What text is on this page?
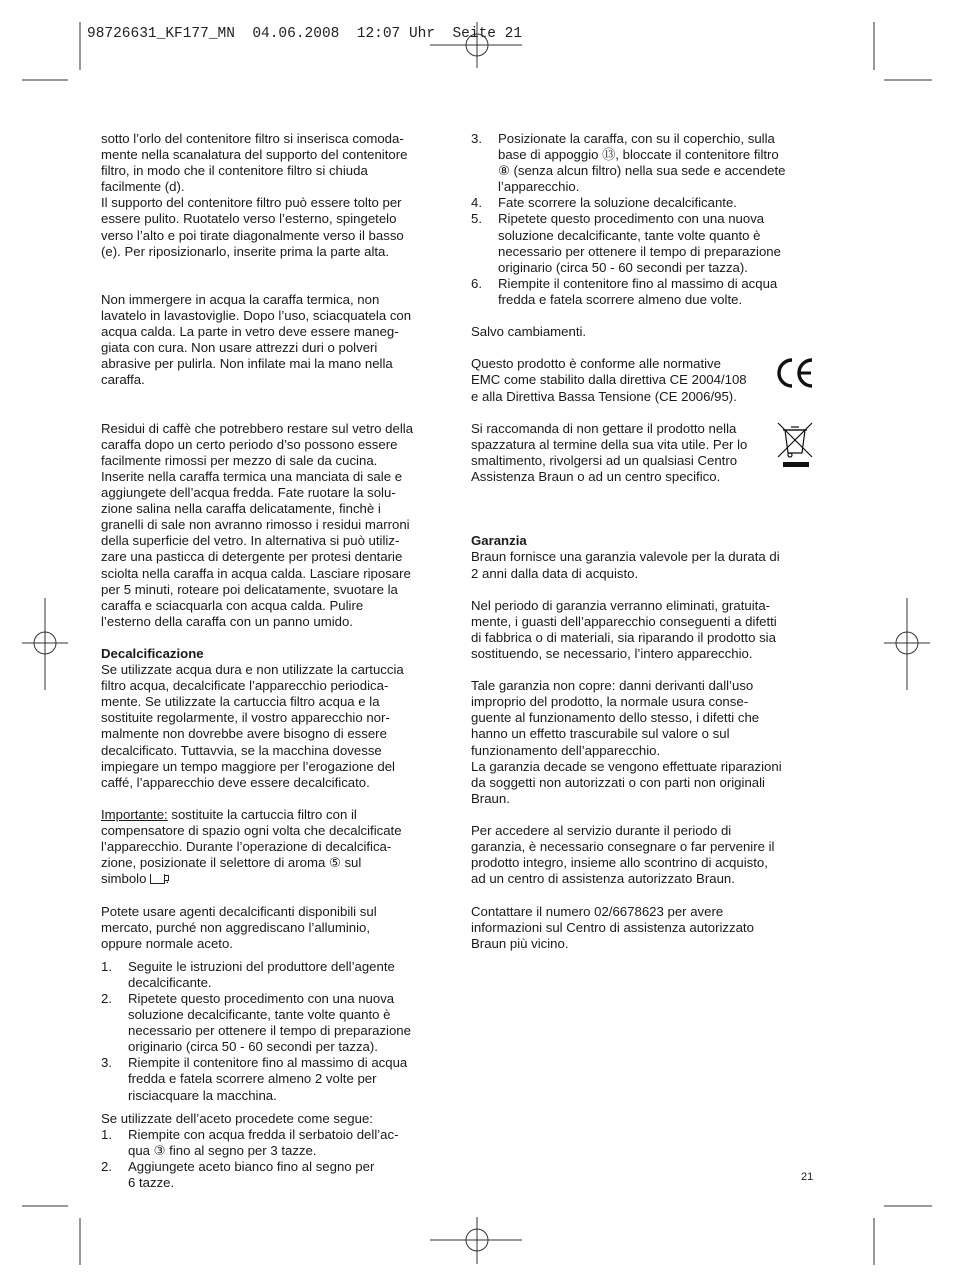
98726631_KF177_MN  04.06.2008  12:07 Uhr  Seite 21

sotto l’orlo del contenitore filtro si inserisca comoda-

mente nella scanalatura del supporto del contenitore

filtro, in modo che il contenitore filtro si chiuda

facilmente (d).

Il supporto del contenitore filtro può essere tolto per

essere pulito. Ruotatelo verso l’esterno, spingetelo

verso l’alto e poi tirate diagonalmente verso il basso

(e). Per riposizionarlo, inserite prima la parte alta.

Non immergere in acqua la caraffa termica, non

lavatelo in lavastoviglie. Dopo l’uso, sciacquatela con

acqua calda. La parte in vetro deve essere maneg-

giata con cura. Non usare attrezzi duri o polveri

abrasive per pulirla. Non infilate mai la mano nella

caraffa.

Residui di caffè che potrebbero restare sul vetro della

caraffa dopo un certo periodo d’so possono essere

facilmente rimossi per mezzo di sale da cucina.

Inserite nella caraffa termica una manciata di sale e

aggiungete dell’acqua fredda. Fate ruotare la solu-

zione salina nella caraffa delicatamente, finchè i

granelli di sale non avranno rimosso i residui marroni

della superficie del vetro. In alternativa si può utiliz-

zare una pasticca di detergente per protesi dentarie

sciolta nella caraffa in acqua calda. Lasciare riposare

per 5 minuti, roteare poi delicatamente, svuotare la

caraffa e sciacquarla con acqua calda. Pulire

l’esterno della caraffa con un panno umido.

Decalcificazione

Se utilizzate acqua dura e non utilizzate la cartuccia

filtro acqua, decalcificate l’apparecchio periodica-

mente. Se utilizzate la cartuccia filtro acqua e la

sostituite regolarmente, il vostro apparecchio nor-

malmente non dovrebbe avere bisogno di essere

decalcificato. Tuttavvia, se la macchina dovesse

impiegare un tempo maggiore per l’erogazione del

caffé, l’apparecchio deve essere decalcificato.

Importante: sostituite la cartuccia filtro con il

compensatore di spazio ogni volta che decalcificate

l’apparecchio. Durante l’operazione di decalcifica-

zione, posizionate il selettore di aroma ⑤ sul

simbolo .

Potete usare agenti decalcificanti disponibili sul

mercato, purché non aggrediscano l’alluminio,

oppure normale aceto.

1.	Seguite le istruzioni del produttore dell’agente
decalcificante.
2.	Ripetete questo procedimento con una nuova
soluzione decalcificante, tante volte quanto è
necessario per ottenere il tempo di preparazione
originario (circa 50 - 60 secondi per tazza).
3.	Riempite il contenitore fino al massimo di acqua
fredda e fatela scorrere almeno 2 volte per
risciacquare la macchina.

Se utilizzate dell’aceto procedete come segue:

1.	Riempite con acqua fredda il serbatoio dell’ac-
qua ③ fino al segno per 3 tazze.
2.	Aggiungete aceto bianco fino al segno per
6 tazze.
3.	Posizionate la caraffa, con su il coperchio, sulla
base di appoggio ⑬, bloccate il contenitore filtro
⑧ (senza alcun filtro) nella sua sede e accendete
l’apparecchio.
4.	Fate scorrere la soluzione decalcificante.
5.	Ripetete questo procedimento con una nuova
soluzione decalcificante, tante volte quanto è
necessario per ottenere il tempo di preparazione
originario (circa 50 - 60 secondi per tazza).
6.	Riempite il contenitore fino al massimo di acqua
fredda e fatela scorrere almeno due volte.

Salvo cambiamenti.

Questo prodotto è conforme alle normative

EMC come stabilito dalla direttiva CE 2004/108

e alla Direttiva Bassa Tensione (CE 2006/95).

Si raccomanda di non gettare il prodotto nella

spazzatura al termine della sua vita utile. Per lo

smaltimento, rivolgersi ad un qualsiasi Centro

Assistenza Braun o ad un centro specifico.

Garanzia

Braun fornisce una garanzia valevole per la durata di

2 anni dalla data di acquisto.

Nel periodo di garanzia verranno eliminati, gratuita-

mente, i guasti dell’apparecchio conseguenti a difetti

di fabbrica o di materiali, sia riparando il prodotto sia

sostituendo, se necessario, l’intero apparecchio.

Tale garanzia non copre: danni derivanti dall’uso

improprio del prodotto, la normale usura conse-

guente al funzionamento dello stesso, i difetti che

hanno un effetto trascurabile sul valore o sul

funzionamento dell’apparecchio.

La garanzia decade se vengono effettuate riparazioni

da soggetti non autorizzati o con parti non originali

Braun.

Per accedere al servizio durante il periodo di

garanzia, è necessario consegnare o far pervenire il

prodotto integro, insieme allo scontrino di acquisto,

ad un centro di assistenza autorizzato Braun.

Contattare il numero 02/6678623 per avere

informazioni sul Centro di assistenza autorizzato

Braun più vicino.

21
